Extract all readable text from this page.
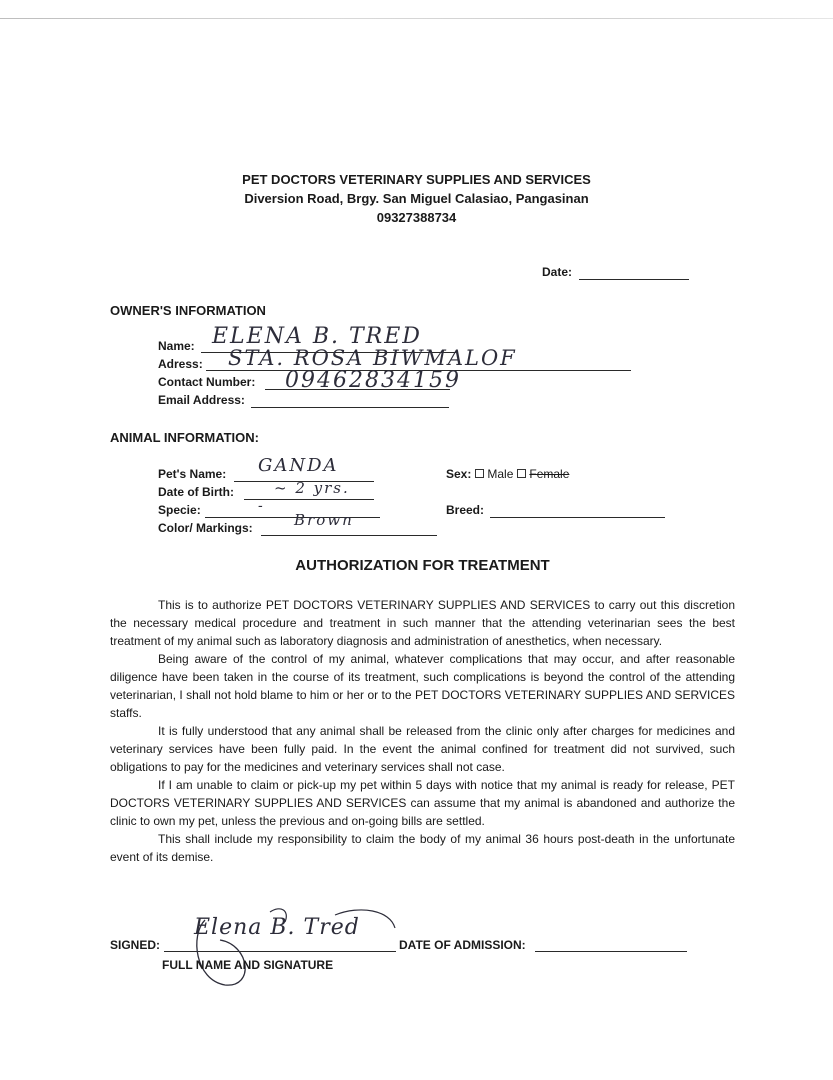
PET DOCTORS VETERINARY SUPPLIES AND SERVICES
Diversion Road, Brgy. San Miguel Calasiao, Pangasinan
09327388734
Date:
OWNER'S INFORMATION
Name: ELENA B. TRED
Adress: STA. ROSA BIWMALOF
Contact Number: 09462834159
Email Address:
ANIMAL INFORMATION:
Pet's Name: GANDA
Date of Birth:	~ 2 yrs.
Specie:	-
Color/ Markings:	Brown
Sex: Male Female
Breed:
AUTHORIZATION FOR TREATMENT

This is to authorize PET DOCTORS VETERINARY SUPPLIES AND SERVICES to carry out this discretion the necessary medical procedure and treatment in such manner that the attending veterinarian sees the best treatment of my animal such as laboratory diagnosis and administration of anesthetics, when necessary.

Being aware of the control of my animal, whatever complications that may occur, and after reasonable diligence have been taken in the course of its treatment, such complications is beyond the control of the attending veterinarian, I shall not hold blame to him or her or to the PET DOCTORS VETERINARY SUPPLIES AND SERVICES staffs.

It is fully understood that any animal shall be released from the clinic only after charges for medicines and veterinary services have been fully paid. In the event the animal confined for treatment did not survived, such obligations to pay for the medicines and veterinary services shall not case.

If I am unable to claim or pick-up my pet within 5 days with notice that my animal is ready for release, PET DOCTORS VETERINARY SUPPLIES AND SERVICES can assume that my animal is abandoned and authorize the clinic to own my pet, unless the previous and on-going bills are settled.

This shall include my responsibility to claim the body of my animal 36 hours post-death in the unfortunate event of its demise.

SIGNED:
Elena B. Tred
FULL NAME AND SIGNATURE
DATE OF ADMISSION:
